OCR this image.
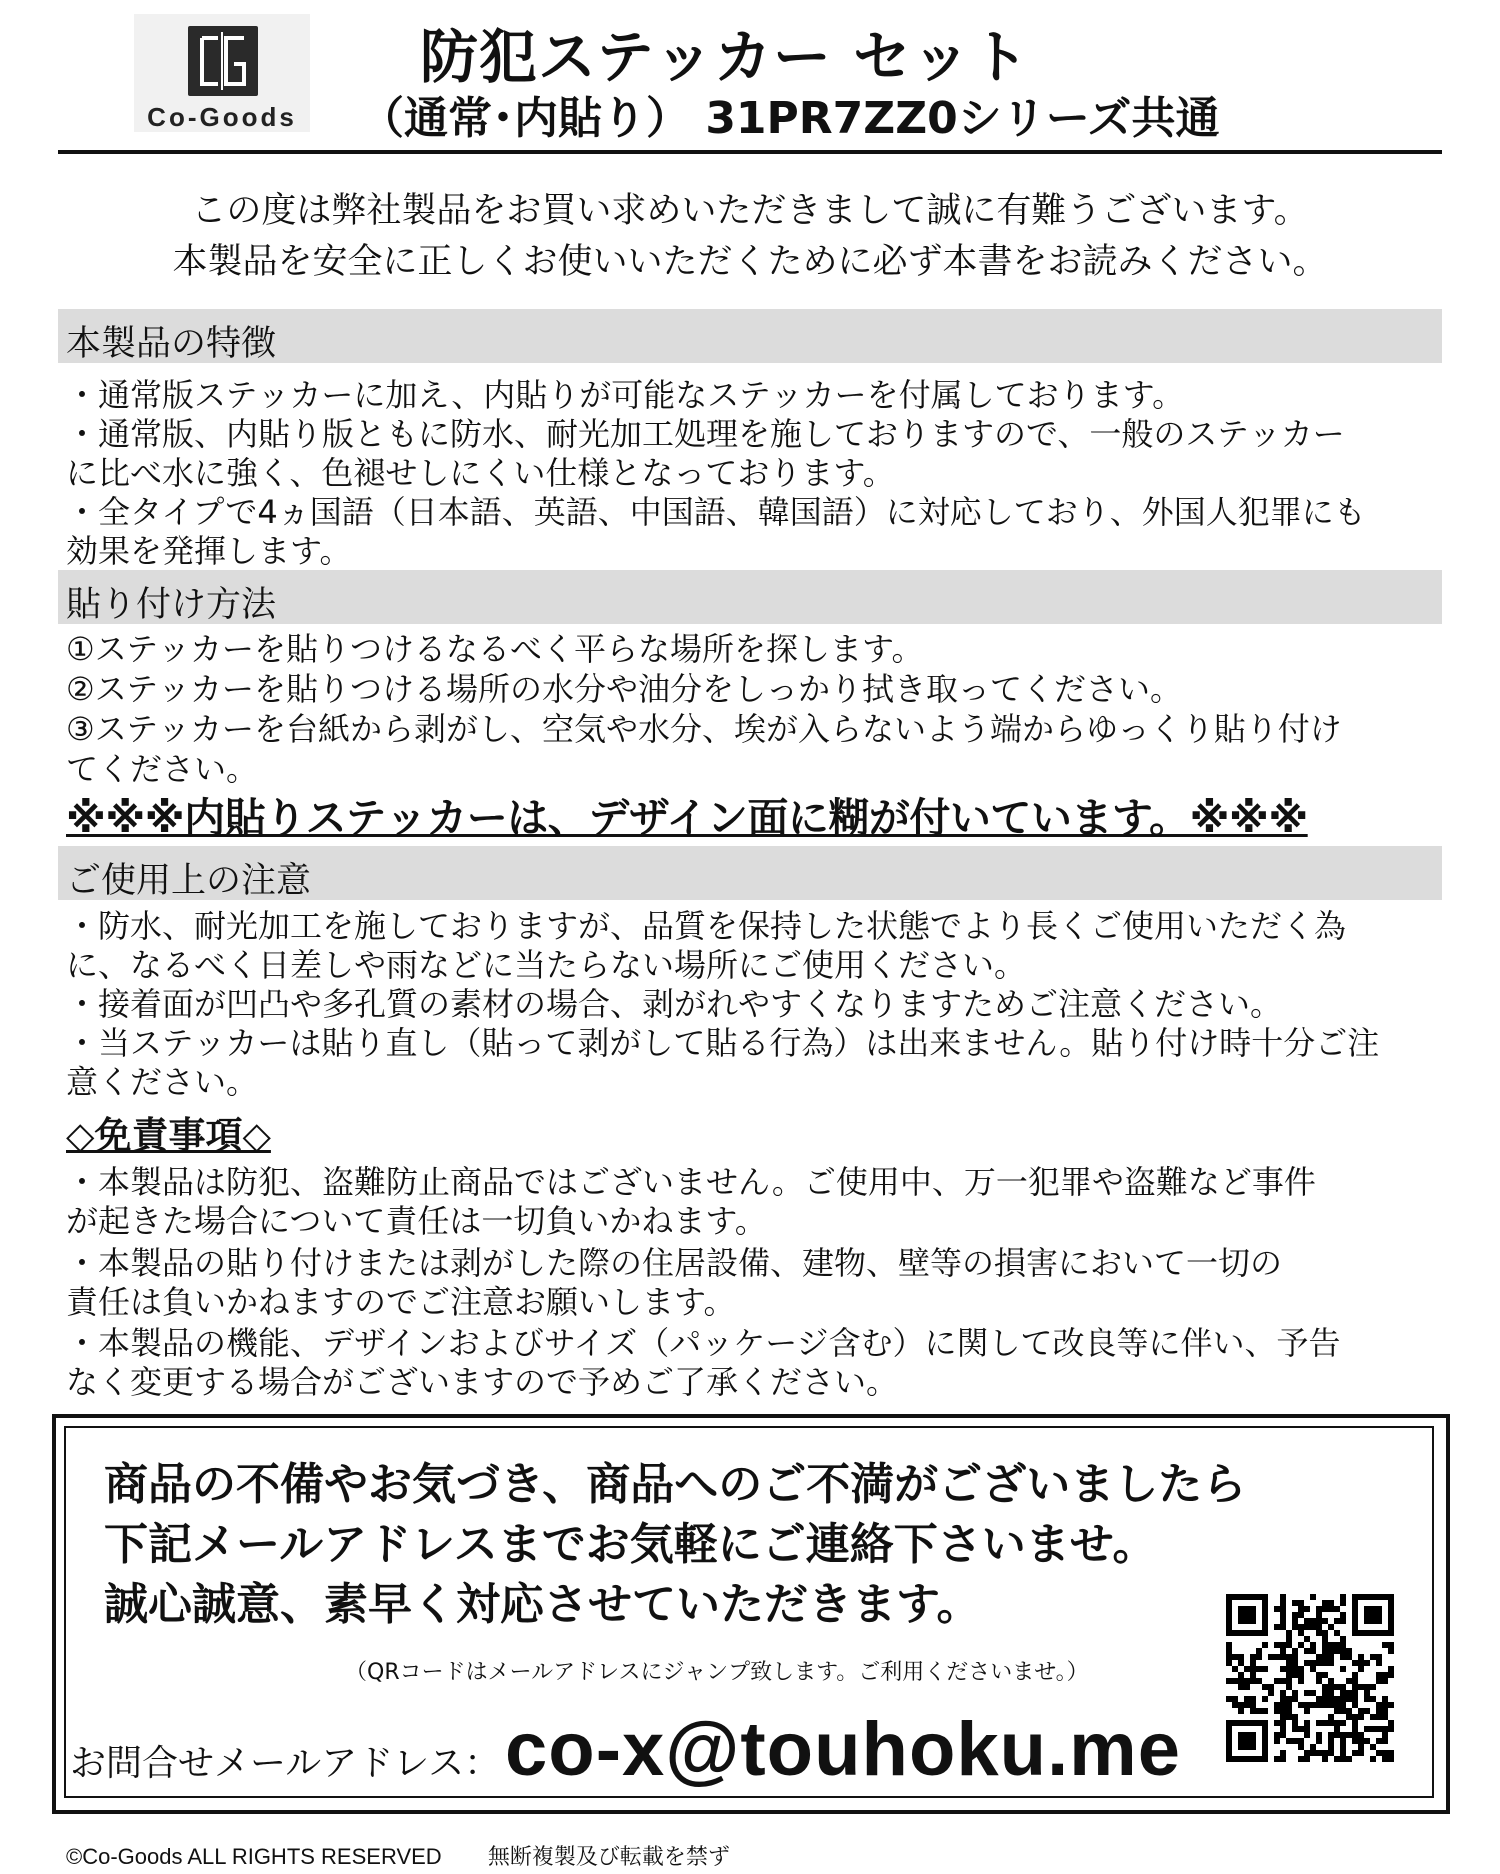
Co-Goods
防犯ステッカー セット
（通常･内貼り） 31PR7ZZ0シリーズ共通
この度は弊社製品をお買い求めいただきまして誠に有難うございます。
本製品を安全に正しくお使いいただくために必ず本書をお読みください。
本製品の特徴
・通常版ステッカーに加え、内貼りが可能なステッカーを付属しております。
・通常版、内貼り版ともに防水、耐光加工処理を施しておりますので、一般のステッカー
に比べ水に強く、色褪せしにくい仕様となっております。
・全タイプで4ヵ国語（日本語、英語、中国語、韓国語）に対応しており、外国人犯罪にも
効果を発揮します。
貼り付け方法
①ステッカーを貼りつけるなるべく平らな場所を探します。
②ステッカーを貼りつける場所の水分や油分をしっかり拭き取ってください。
③ステッカーを台紙から剥がし、空気や水分、埃が入らないよう端からゆっくり貼り付け
てください。
※※※内貼りステッカーは、デザイン面に糊が付いています。※※※
ご使用上の注意
・防水、耐光加工を施しておりますが、品質を保持した状態でより長くご使用いただく為
に、なるべく日差しや雨などに当たらない場所にご使用ください。
・接着面が凹凸や多孔質の素材の場合、剥がれやすくなりますためご注意ください。
・当ステッカーは貼り直し（貼って剥がして貼る行為）は出来ません。貼り付け時十分ご注
意ください。
◇免責事項◇
・本製品は防犯、盗難防止商品ではございません。ご使用中、万一犯罪や盗難など事件
が起きた場合について責任は一切負いかねます。
・本製品の貼り付けまたは剥がした際の住居設備、建物、壁等の損害において一切の
責任は負いかねますのでご注意お願いします。
・本製品の機能、デザインおよびサイズ（パッケージ含む）に関して改良等に伴い、予告
なく変更する場合がございますので予めご了承ください。
商品の不備やお気づき、商品へのご不満がございましたら
下記メールアドレスまでお気軽にご連絡下さいませ。
誠心誠意、素早く対応させていただきます。
（QRコードはメールアドレスにジャンプ致します。ご利用くださいませ。）
お問合せメールアドレス： co-x@touhoku.me
©Co-Goods ALL RIGHTS RESERVED 無断複製及び転載を禁ず
